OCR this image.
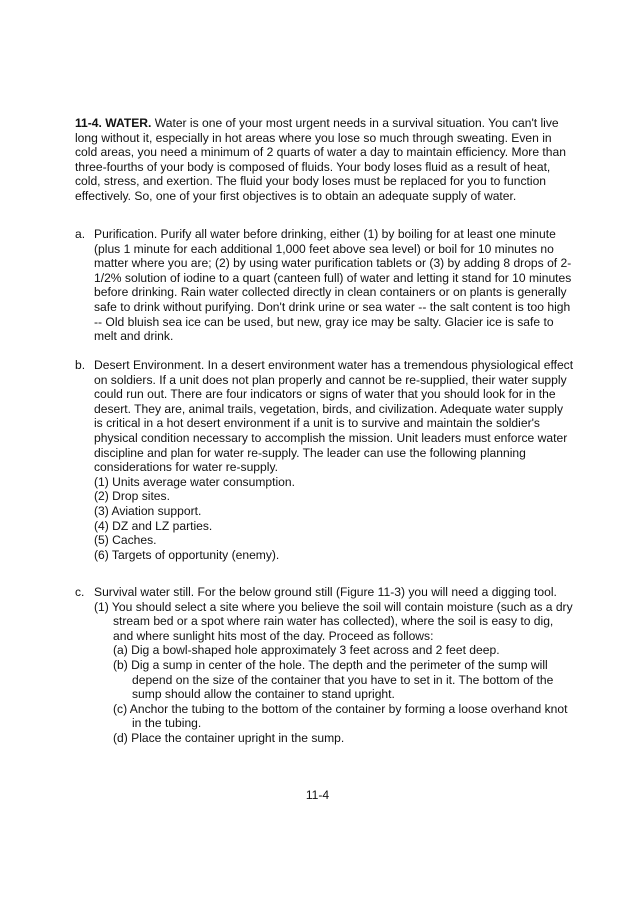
11-4. WATER. Water is one of your most urgent needs in a survival situation. You can't live long without it, especially in hot areas where you lose so much through sweating. Even in cold areas, you need a minimum of 2 quarts of water a day to maintain efficiency. More than three-fourths of your body is composed of fluids. Your body loses fluid as a result of heat, cold, stress, and exertion. The fluid your body loses must be replaced for you to function effectively. So, one of your first objectives is to obtain an adequate supply of water.
a. Purification. Purify all water before drinking, either (1) by boiling for at least one minute (plus 1 minute for each additional 1,000 feet above sea level) or boil for 10 minutes no matter where you are; (2) by using water purification tablets or (3) by adding 8 drops of 2-1/2% solution of iodine to a quart (canteen full) of water and letting it stand for 10 minutes before drinking. Rain water collected directly in clean containers or on plants is generally safe to drink without purifying. Don't drink urine or sea water -- the salt content is too high -- Old bluish sea ice can be used, but new, gray ice may be salty. Glacier ice is safe to melt and drink.
b. Desert Environment. In a desert environment water has a tremendous physiological effect on soldiers. If a unit does not plan properly and cannot be re-supplied, their water supply could run out. There are four indicators or signs of water that you should look for in the desert. They are, animal trails, vegetation, birds, and civilization. Adequate water supply is critical in a hot desert environment if a unit is to survive and maintain the soldier's physical condition necessary to accomplish the mission. Unit leaders must enforce water discipline and plan for water re-supply. The leader can use the following planning considerations for water re-supply.
(1) Units average water consumption.
(2) Drop sites.
(3) Aviation support.
(4) DZ and LZ parties.
(5) Caches.
(6) Targets of opportunity (enemy).
c. Survival water still. For the below ground still (Figure 11-3) you will need a digging tool.
(1) You should select a site where you believe the soil will contain moisture (such as a dry stream bed or a spot where rain water has collected), where the soil is easy to dig, and where sunlight hits most of the day. Proceed as follows:
(a) Dig a bowl-shaped hole approximately 3 feet across and 2 feet deep.
(b) Dig a sump in center of the hole. The depth and the perimeter of the sump will depend on the size of the container that you have to set in it. The bottom of the sump should allow the container to stand upright.
(c) Anchor the tubing to the bottom of the container by forming a loose overhand knot in the tubing.
(d) Place the container upright in the sump.
11-4
